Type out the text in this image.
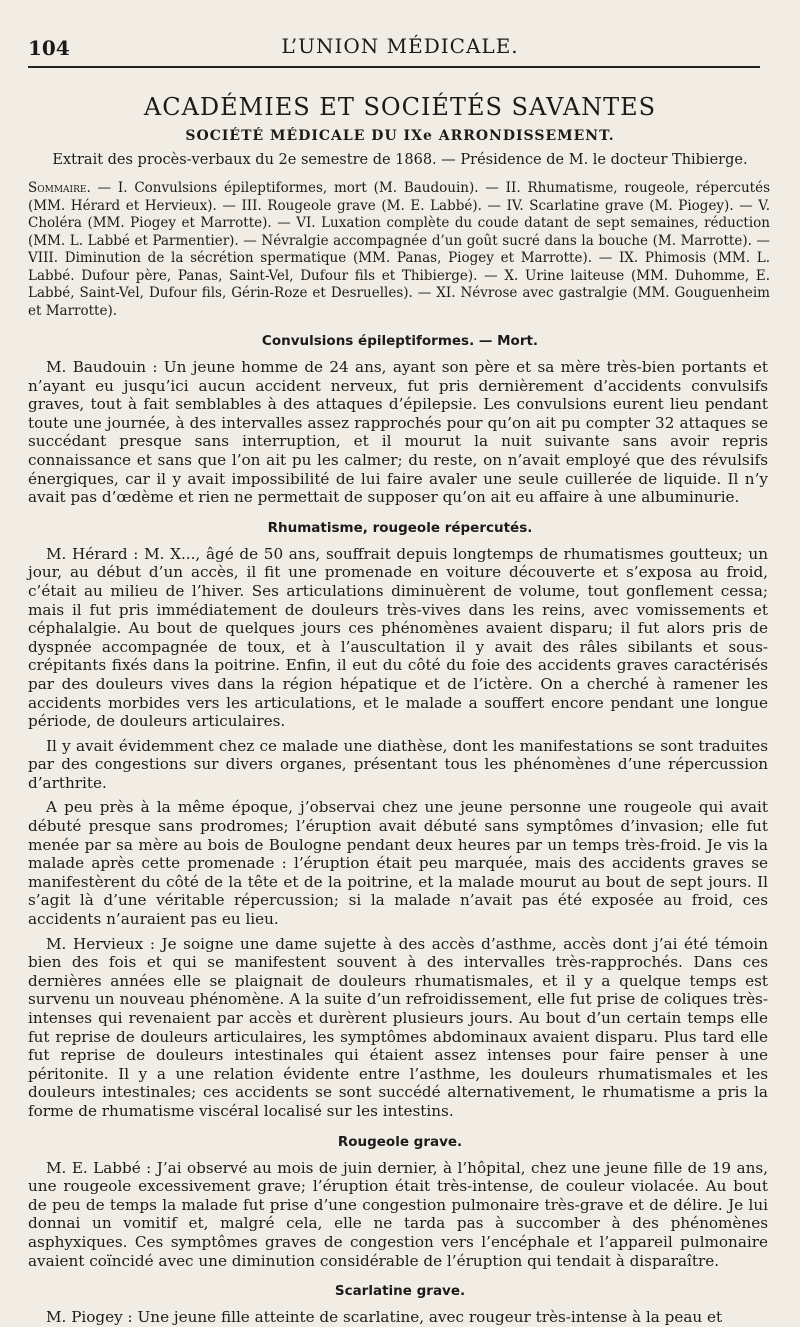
104	L’UNION MÉDICALE.
ACADÉMIES ET SOCIÉTÉS SAVANTES
SOCIÉTÉ MÉDICALE DU IXe ARRONDISSEMENT.
Extrait des procès-verbaux du 2e semestre de 1868. — Présidence de M. le docteur Thibierge.
Sommaire. — I. Convulsions épileptiformes, mort (M. Baudouin). — II. Rhumatisme, rougeole, répercutés (MM. Hérard et Hervieux). — III. Rougeole grave (M. E. Labbé). — IV. Scarlatine grave (M. Piogey). — V. Choléra (MM. Piogey et Marrotte). — VI. Luxation complète du coude datant de sept semaines, réduction (MM. L. Labbé et Parmentier). — Névralgie accompagnée d’un goût sucré dans la bouche (M. Marrotte). — VIII. Diminution de la sécrétion spermatique (MM. Panas, Piogey et Marrotte). — IX. Phimosis (MM. L. Labbé. Dufour père, Panas, Saint-Vel, Dufour fils et Thibierge). — X. Urine laiteuse (MM. Duhomme, E. Labbé, Saint-Vel, Dufour fils, Gérin-Roze et Desruelles). — XI. Névrose avec gastralgie (MM. Gouguenheim et Marrotte).
Convulsions épileptiformes. — Mort.

M. Baudouin : Un jeune homme de 24 ans, ayant son père et sa mère très-bien portants et n’ayant eu jusqu’ici aucun accident nerveux, fut pris dernièrement d’accidents convulsifs graves, tout à fait semblables à des attaques d’épilepsie. Les convulsions eurent lieu pendant toute une journée, à des intervalles assez rapprochés pour qu’on ait pu compter 32 attaques se succédant presque sans interruption, et il mourut la nuit suivante sans avoir repris connaissance et sans que l’on ait pu les calmer; du reste, on n’avait employé que des révulsifs énergiques, car il y avait impossibilité de lui faire avaler une seule cuillerée de liquide. Il n’y avait pas d’œdème et rien ne permettait de supposer qu’on ait eu affaire à une albuminurie.

Rhumatisme, rougeole répercutés.

M. Hérard : M. X..., âgé de 50 ans, souffrait depuis longtemps de rhumatismes goutteux; un jour, au début d’un accès, il fit une promenade en voiture découverte et s’exposa au froid, c’était au milieu de l’hiver. Ses articulations diminuèrent de volume, tout gonflement cessa; mais il fut pris immédiatement de douleurs très-vives dans les reins, avec vomissements et céphalalgie. Au bout de quelques jours ces phénomènes avaient disparu; il fut alors pris de dyspnée accompagnée de toux, et à l’auscultation il y avait des râles sibilants et sous-crépitants fixés dans la poitrine. Enfin, il eut du côté du foie des accidents graves caractérisés par des douleurs vives dans la région hépatique et de l’ictère. On a cherché à ramener les accidents morbides vers les articulations, et le malade a souffert encore pendant une longue période, de douleurs articulaires.

Il y avait évidemment chez ce malade une diathèse, dont les manifestations se sont traduites par des congestions sur divers organes, présentant tous les phénomènes d’une répercussion d’arthrite.

A peu près à la même époque, j’observai chez une jeune personne une rougeole qui avait débuté presque sans prodromes; l’éruption avait débuté sans symptômes d’invasion; elle fut menée par sa mère au bois de Boulogne pendant deux heures par un temps très-froid. Je vis la malade après cette promenade : l’éruption était peu marquée, mais des accidents graves se manifestèrent du côté de la tête et de la poitrine, et la malade mourut au bout de sept jours. Il s’agit là d’une véritable répercussion; si la malade n’avait pas été exposée au froid, ces accidents n’auraient pas eu lieu.

M. Hervieux : Je soigne une dame sujette à des accès d’asthme, accès dont j’ai été témoin bien des fois et qui se manifestent souvent à des intervalles très-rapprochés. Dans ces dernières années elle se plaignait de douleurs rhumatismales, et il y a quelque temps est survenu un nouveau phénomène. A la suite d’un refroidissement, elle fut prise de coliques très-intenses qui revenaient par accès et durèrent plusieurs jours. Au bout d’un certain temps elle fut reprise de douleurs articulaires, les symptômes abdominaux avaient disparu. Plus tard elle fut reprise de douleurs intestinales qui étaient assez intenses pour faire penser à une péritonite. Il y a une relation évidente entre l’asthme, les douleurs rhumatismales et les douleurs intestinales; ces accidents se sont succédé alternativement, le rhumatisme a pris la forme de rhumatisme viscéral localisé sur les intestins.

Rougeole grave.

M. E. Labbé : J’ai observé au mois de juin dernier, à l’hôpital, chez une jeune fille de 19 ans, une rougeole excessivement grave; l’éruption était très-intense, de couleur violacée. Au bout de peu de temps la malade fut prise d’une congestion pulmonaire très-grave et de délire. Je lui donnai un vomitif et, malgré cela, elle ne tarda pas à succomber à des phénomènes asphyxiques. Ces symptômes graves de congestion vers l’encéphale et l’appareil pulmonaire avaient coïncidé avec une diminution considérable de l’éruption qui tendait à disparaître.

Scarlatine grave.

M. Piogey : Une jeune fille atteinte de scarlatine, avec rougeur très-intense à la peau et
